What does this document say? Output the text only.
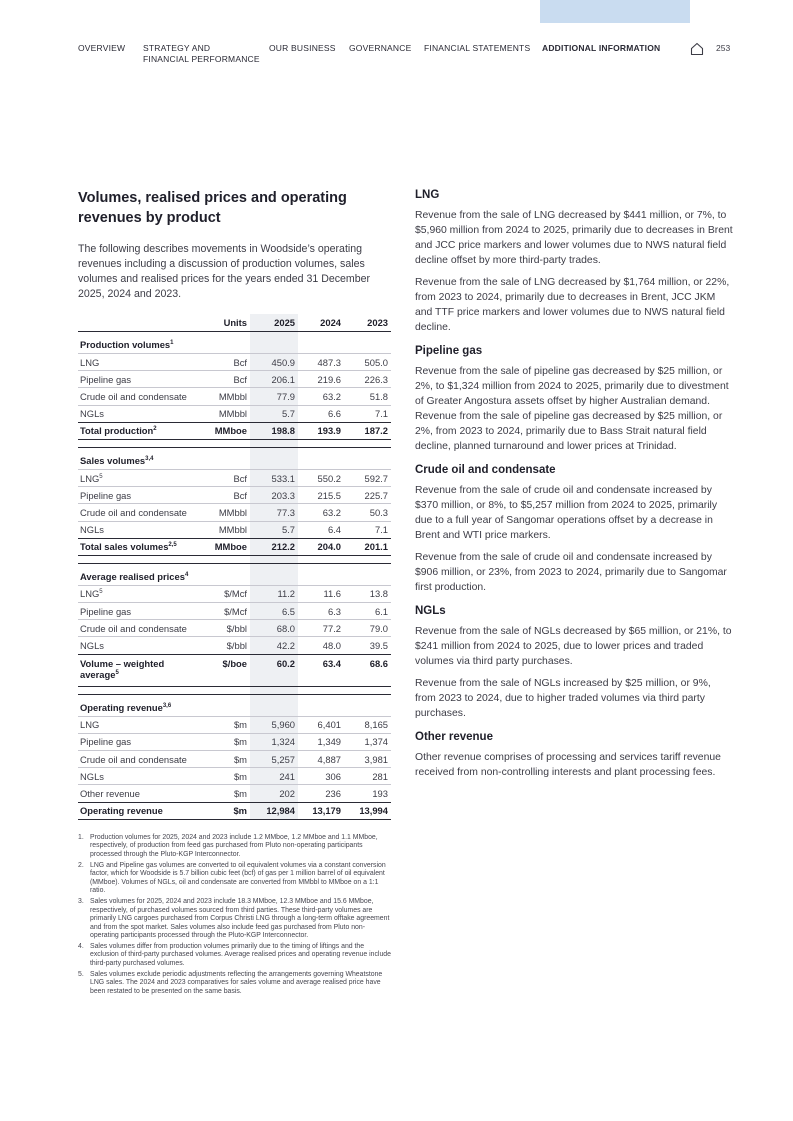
OVERVIEW STRATEGY AND
FINANCIAL PERFORMANCE
OUR BUSINESS GOVERNANCE FINANCIAL STATEMENTS ADDITIONAL INFORMATION	253
Volumes, realised prices and operating revenues by product

The following describes movements in Woodside’s operating revenues including a discussion of production volumes, sales volumes and realised prices for the years ended 31 December 2025, 2024 and 2023.

	Units	2025	2024	2023
Production volumes$^1$			
LNG	Bcf	450.9	487.3	505.0
Pipeline gas	Bcf	206.1	219.6	226.3
Crude oil and condensate	MMbbl	77.9	63.2	51.8
NGLs	MMbbl	5.7	6.6	7.1
Total production$^2$	MMboe	198.8	193.9	187.2

Sales volumes$^{3,4}$			
LNG$^5$	Bcf	533.1	550.2	592.7
Pipeline gas	Bcf	203.3	215.5	225.7
Crude oil and condensate	MMbbl	77.3	63.2	50.3
NGLs	MMbbl	5.7	6.4	7.1
Total sales volumes$^{2,5}$	MMboe	212.2	204.0	201.1

Average realised prices$^4$			
LNG$^5$	$/Mcf	11.2	11.6	13.8
Pipeline gas	$/Mcf	6.5	6.3	6.1
Crude oil and condensate	$/bbl	68.0	77.2	79.0
NGLs	$/bbl	42.2	48.0	39.5
Volume – weighted
average$^5$	$/boe	60.2	63.4	68.6

Operating revenue$^{3,6}$			
LNG	$m	5,960	6,401	8,165
Pipeline gas	$m	1,324	1,349	1,374
Crude oil and condensate	$m	5,257	4,887	3,981
NGLs	$m	241	306	281
Other revenue	$m	202	236	193
Operating revenue	$m	12,984	13,179	13,994
1. Production volumes for 2025, 2024 and 2023 include 1.2 MMboe, 1.2 MMboe and 1.1 MMboe, respectively, of production from feed gas purchased from Pluto non-operating participants processed through the Pluto-KGP Interconnector.
2. LNG and Pipeline gas volumes are converted to oil equivalent volumes via a constant conversion factor, which for Woodside is 5.7 billion cubic feet (bcf) of gas per 1 million barrel of oil equivalent (MMboe). Volumes of NGLs, oil and condensate are converted from MMbbl to MMboe on a 1:1 ratio.
3. Sales volumes for 2025, 2024 and 2023 include 18.3 MMboe, 12.3 MMboe and 15.6 MMboe, respectively, of purchased volumes sourced from third parties. These third-party volumes are primarily LNG cargoes purchased from Corpus Christi LNG through a long-term offtake agreement and from the spot market. Sales volumes also include feed gas purchased from Pluto non-operating participants processed through the Pluto-KGP Interconnector.
4. Sales volumes differ from production volumes primarily due to the timing of liftings and the exclusion of third-party purchased volumes. Average realised prices and operating revenue include third-party purchased volumes.
5. Sales volumes exclude periodic adjustments reflecting the arrangements governing Wheatstone LNG sales. The 2024 and 2023 comparatives for sales volume and average realised price have been restated to be presented on the same basis.
LNG

Revenue from the sale of LNG decreased by $441 million, or 7%, to $5,960 million from 2024 to 2025, primarily due to decreases in Brent and JCC price markers and lower volumes due to NWS natural field decline offset by more third-party trades.

Revenue from the sale of LNG decreased by $1,764 million, or 22%, from 2023 to 2024, primarily due to decreases in Brent, JCC JKM and TTF price markers and lower volumes due to NWS natural field decline.

Pipeline gas

Revenue from the sale of pipeline gas decreased by $25 million, or 2%, to $1,324 million from 2024 to 2025, primarily due to divestment of Greater Angostura assets offset by higher Australian demand. Revenue from the sale of pipeline gas decreased by $25 million, or 2%, from 2023 to 2024, primarily due to Bass Strait natural field decline, planned turnaround and lower prices at Trinidad.

Crude oil and condensate

Revenue from the sale of crude oil and condensate increased by $370 million, or 8%, to $5,257 million from 2024 to 2025, primarily due to a full year of Sangomar operations offset by a decrease in Brent and WTI price markers.

Revenue from the sale of crude oil and condensate increased by $906 million, or 23%, from 2023 to 2024, primarily due to Sangomar first production.

NGLs

Revenue from the sale of NGLs decreased by $65 million, or 21%, to $241 million from 2024 to 2025, due to lower prices and traded volumes via third party purchases.

Revenue from the sale of NGLs increased by $25 million, or 9%, from 2023 to 2024, due to higher traded volumes via third party purchases.

Other revenue

Other revenue comprises of processing and services tariff revenue received from non-controlling interests and plant processing fees.
